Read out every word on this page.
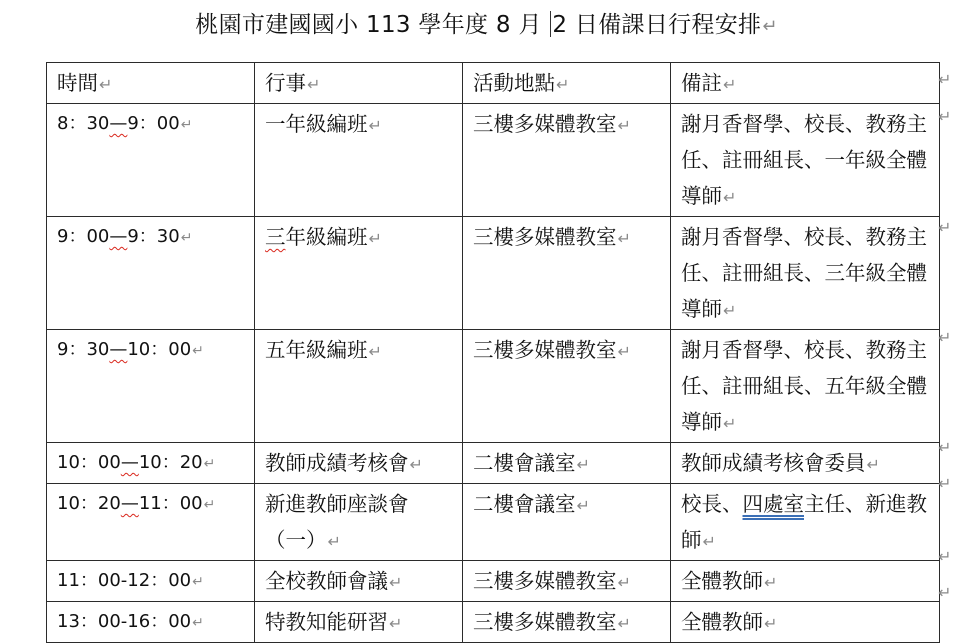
桃園市建國國小 113 學年度 8 月 2 日備課日行程安排↵
時間↵	行事↵	活動地點↵	備註↵
8：30—9：00↵	一年級編班↵	三樓多媒體教室↵	謝月香督學、校長、教務主任、註冊組長、一年級全體導師↵
9：00—9：30↵	三年級編班↵	三樓多媒體教室↵	謝月香督學、校長、教務主任、註冊組長、三年級全體導師↵
9：30—10：00↵	五年級編班↵	三樓多媒體教室↵	謝月香督學、校長、教務主任、註冊組長、五年級全體導師↵
10：00—10：20↵	教師成績考核會↵	二樓會議室↵	教師成績考核會委員↵
10：20—11：00↵	新進教師座談會（一）↵	二樓會議室↵	校長、四處室主任、新進教師↵
11：00-12：00↵	全校教師會議↵	三樓多媒體教室↵	全體教師↵
13：00-16：00↵	特教知能研習↵	三樓多媒體教室↵	全體教師↵
↵
↵
↵
↵
↵
↵
↵
↵
